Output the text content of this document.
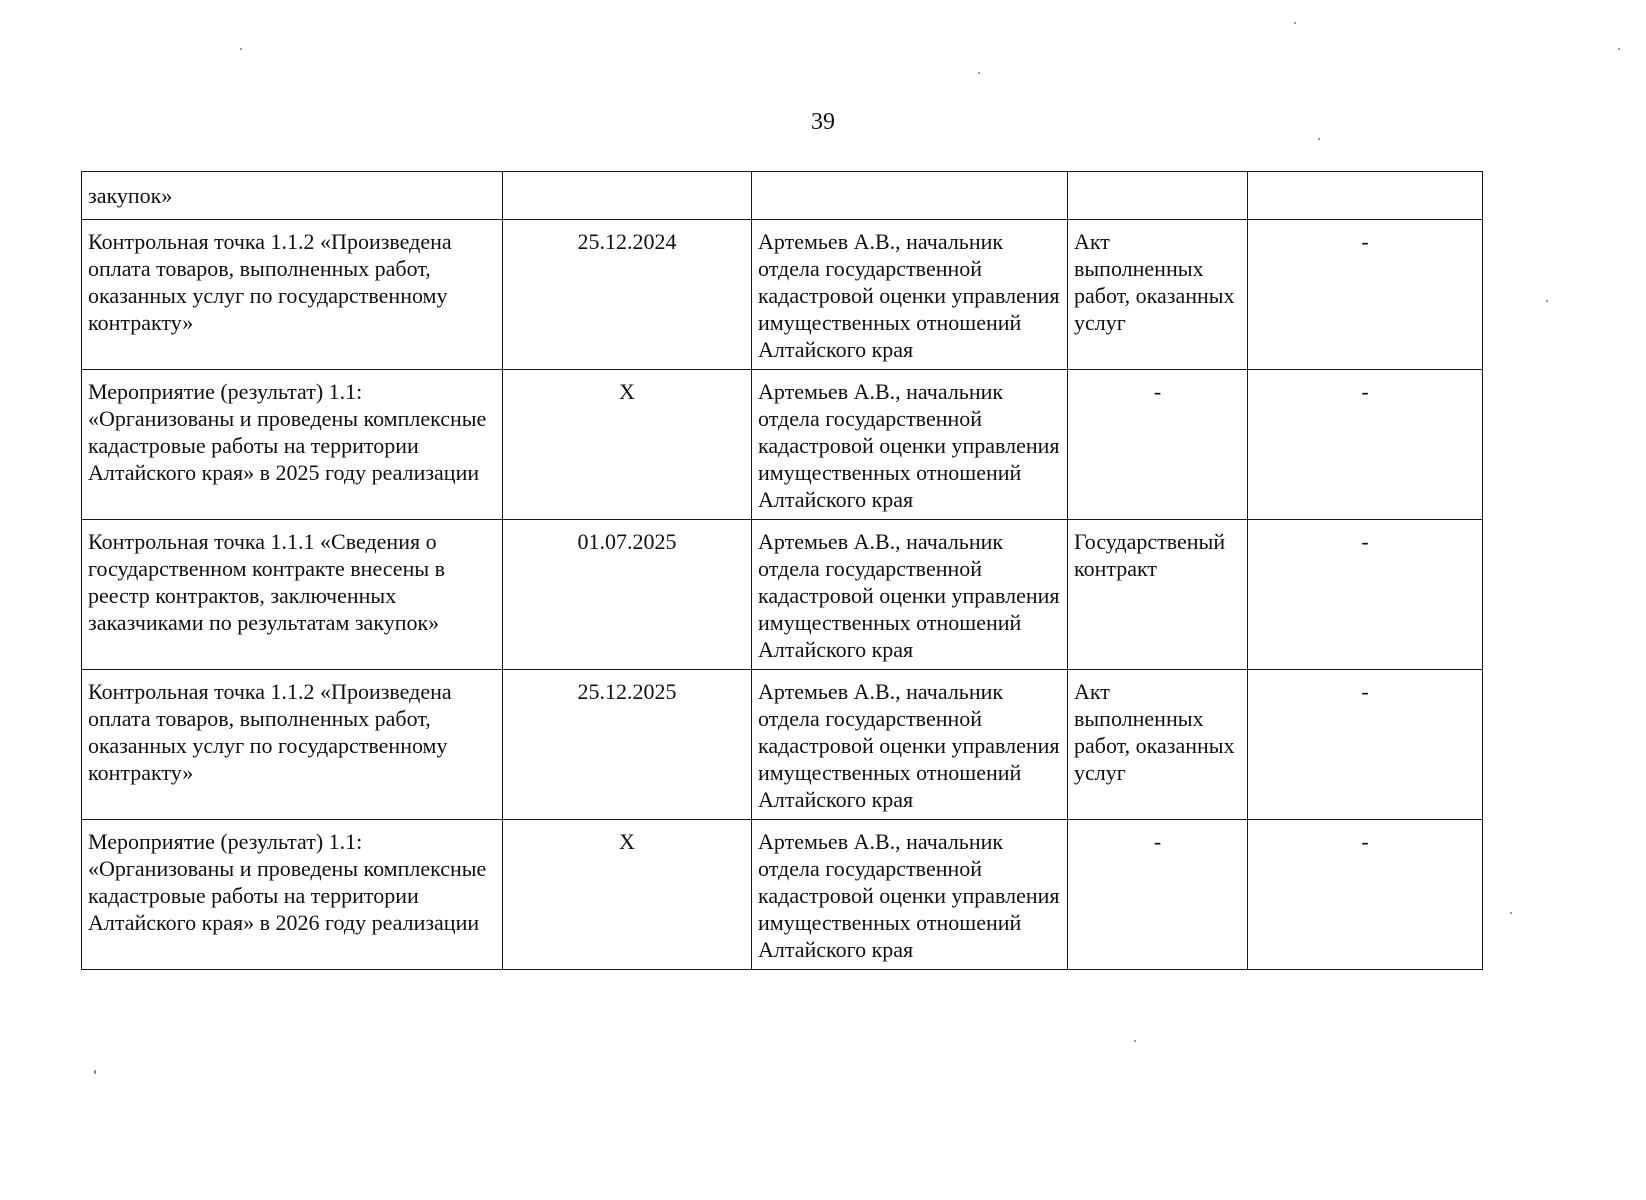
39
закупок»				
Контрольная точка 1.1.2 «Произведена оплата товаров, выполненных работ, оказанных услуг по государственному контракту»	25.12.2024	Артемьев А.В., начальник отдела государственной кадастровой оценки управления имущественных отношений Алтайского края	Акт выполненных работ, оказанных услуг	-
Мероприятие (результат) 1.1: «Организованы и проведены комплексные кадастровые работы на территории Алтайского края» в 2025 году реализации	X	Артемьев А.В., начальник отдела государственной кадастровой оценки управления имущественных отношений Алтайского края	-	-
Контрольная точка 1.1.1 «Сведения о государственном контракте внесены в реестр контрактов, заключенных заказчиками по результатам закупок»	01.07.2025	Артемьев А.В., начальник отдела государственной кадастровой оценки управления имущественных отношений Алтайского края	Государственый контракт	-
Контрольная точка 1.1.2 «Произведена оплата товаров, выполненных работ, оказанных услуг по государственному контракту»	25.12.2025	Артемьев А.В., начальник отдела государственной кадастровой оценки управления имущественных отношений Алтайского края	Акт выполненных работ, оказанных услуг	-
Мероприятие (результат) 1.1: «Организованы и проведены комплексные кадастровые работы на территории Алтайского края» в 2026 году реализации	X	Артемьев А.В., начальник отдела государственной кадастровой оценки управления имущественных отношений Алтайского края	-	-
